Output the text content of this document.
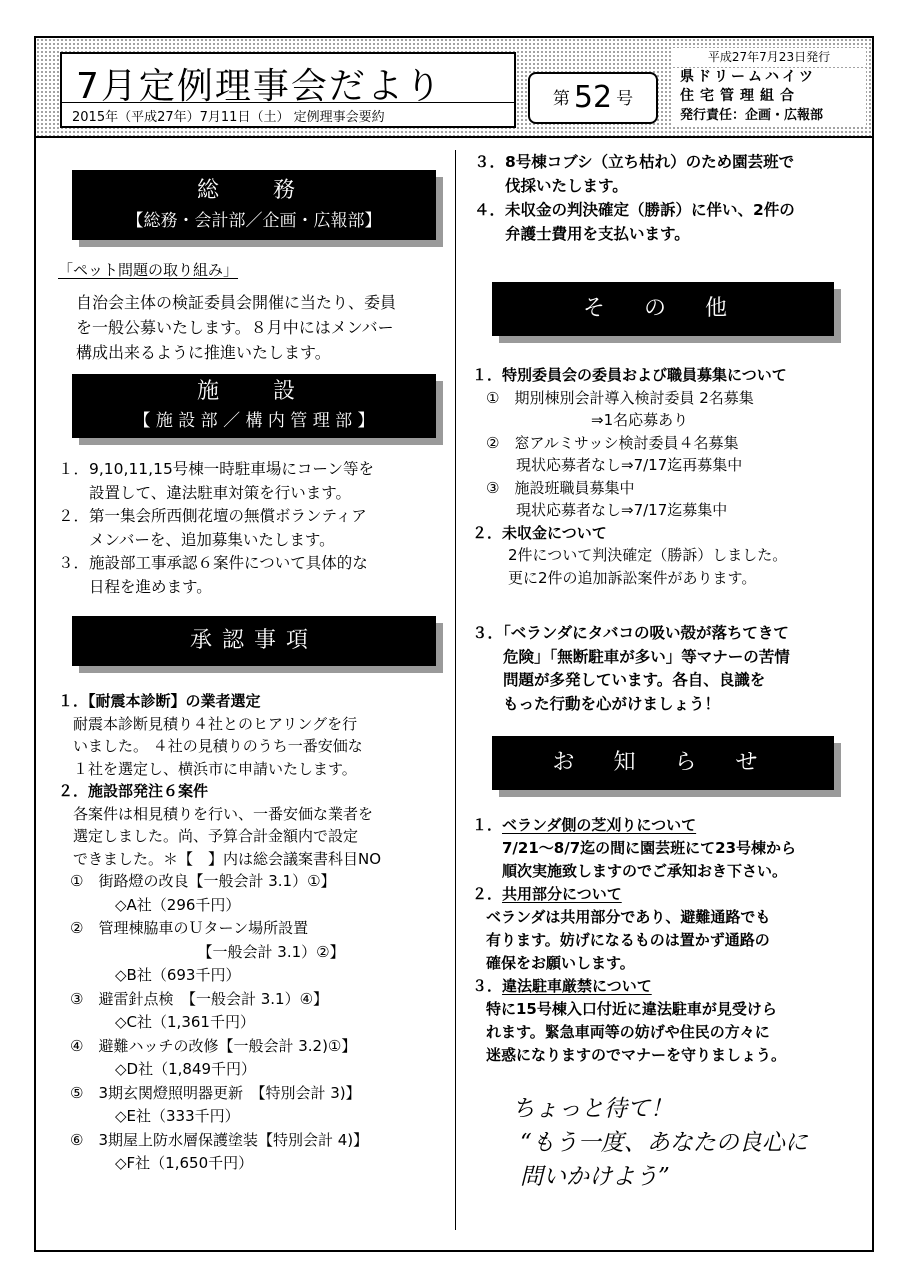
7月定例理事会だより
2015年（平成27年）7月11日（土） 定例理事会要約
第 52 号
平成27年7月23日発行
県ドリームハイツ
住宅管理組合
発行責任：企画・広報部
総　務
【総務・会計部／企画・広報部】
「ペット問題の取り組み」
自治会主体の検証委員会開催に当たり、委員
を一般公募いたします。８月中にはメンバー
構成出来るように推進いたします。
施　設
【 施 設 部 ／ 構 内 管 理 部 】
１．9,10,11,15号棟一時駐車場にコーン等を
　　設置して、違法駐車対策を行います。
２．第一集会所西側花壇の無償ボランティア
　　メンバーを、追加募集いたします。
３．施設部工事承認６案件について具体的な
　　日程を進めます。
承認事項
１．【耐震本診断】の業者選定
　耐震本診断見積り４社とのヒアリングを行
　いました。 ４社の見積りのうち一番安価な
　１社を選定し、横浜市に申請いたします。
２．施設部発注６案件
　各案件は相見積りを行い、一番安価な業者を
　選定しました。尚、予算合計金額内で設定
　できました。＊【　】内は総会議案書科目NO
①　街路燈の改良【一般会計 3.1）①】
　　　◇A社（296千円）
②　管理棟脇車のＵターン場所設置
　　　　　　　　　【一般会計 3.1）②】
　　　◇B社（693千円）
③　避雷針点検　【一般会計 3.1）④】
　　　◇C社（1,361千円）
④　避難ハッチの改修【一般会計 3.2)①】
　　　◇D社（1,849千円）
⑤　3期玄関燈照明器更新　【特別会計 3)】
　　　◇E社（333千円）
⑥　3期屋上防水層保護塗装【特別会計 4)】
　　　◇F社（1,650千円）
３．8号棟コブシ（立ち枯れ）のため園芸班で
　　伐採いたします。
４．未収金の判決確定（勝訴）に伴い、2件の
　　弁護士費用を支払います。
そ の 他
１．特別委員会の委員および職員募集について
①　期別棟別会計導入検討委員 2名募集
　　　　　　　⇒1名応募あり
②　窓アルミサッシ検討委員４名募集
　　現状応募者なし⇒7/17迄再募集中
③　施設班職員募集中
　　現状応募者なし⇒7/17迄募集中
２．未収金について
2件について判決確定（勝訴）しました。
更に2件の追加訴訟案件があります。
３．「ベランダにタバコの吸い殻が落ちてきて
　　危険」「無断駐車が多い」等マナーの苦情
　　問題が多発しています。各自、良識を
　　もった行動を心がけましょう！
お 知 ら せ
１．ベランダ側の芝刈りについて
7/21～8/7迄の間に園芸班にて23号棟から
順次実施致しますのでご承知おき下さい。
２．共用部分について
ベランダは共用部分であり、避難通路でも
有ります。妨げになるものは置かず通路の
確保をお願いします。
３．違法駐車厳禁について
特に15号棟入口付近に違法駐車が見受けら
れます。緊急車両等の妨げや住民の方々に
迷惑になりますのでマナーを守りましょう。
ちょっと待て！
“もう一度、あなたの良心に
問いかけよう”
